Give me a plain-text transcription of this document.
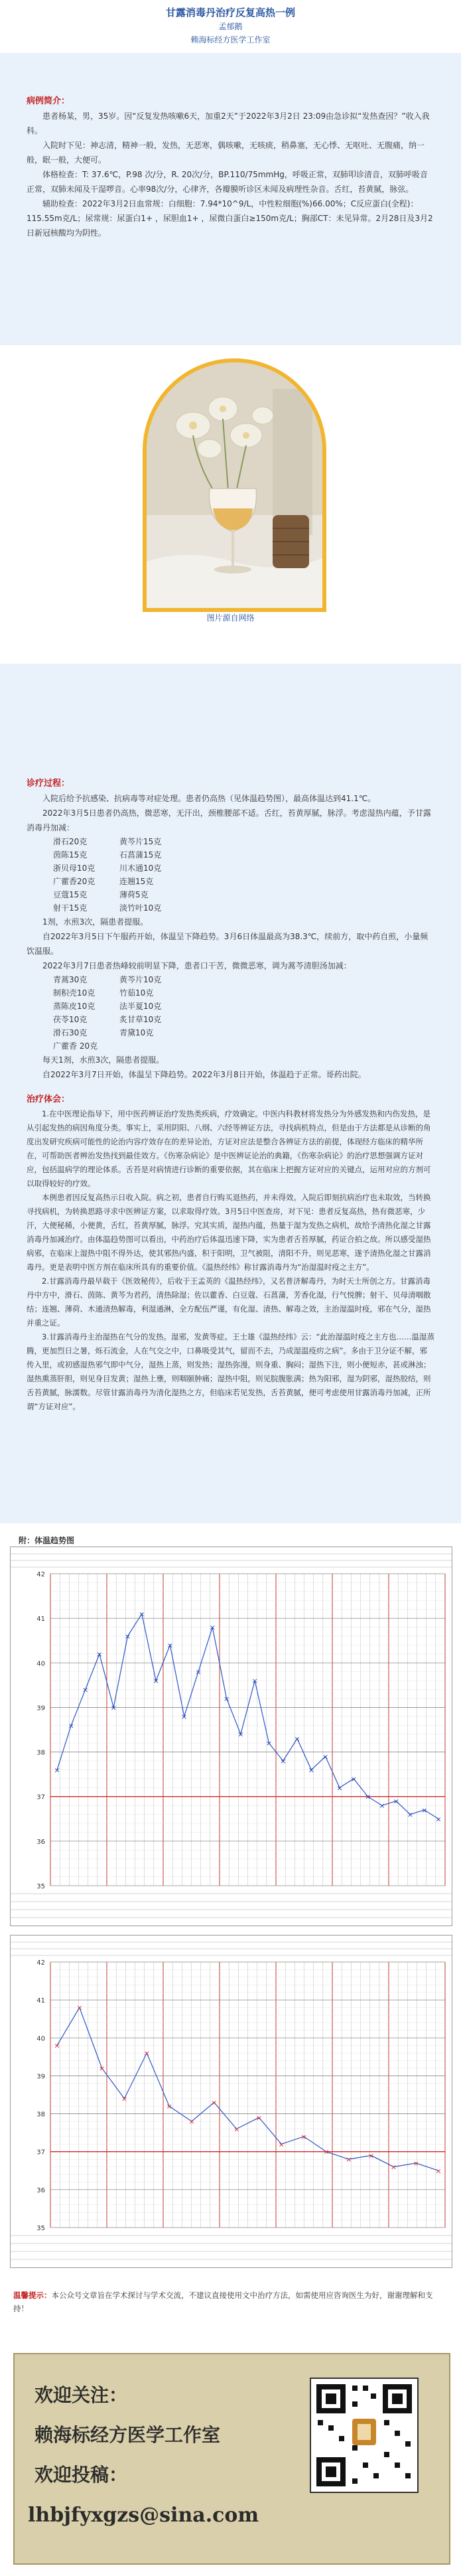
甘露消毒丹治疗反复高热一例
孟郁鹅
赖海标经方医学工作室
病例简介：

患者杨某，男，35岁。因“反复发热咳嗽6天，加重2天”于2022年3月2日 23:09由急诊拟“发热查因？”收入我科。

入院时下见：神志清，精神一般，发热，无恶寒，偶咳嗽，无咳痰，稍鼻塞，无心悸、无呕吐、无腹痛，纳一般，眠一般，大便可。

体格检查：T: 37.6℃，P.98 次/分，R. 20次/分，BP.110/75mmHg，呼吸正常，双肺叩诊清音，双肺呼吸音正常，双肺未闻及干湿啰音。心率98次/分，心律齐，各瓣膜听诊区未闻及病理性杂音。舌红，苔黄腻，脉弦。

辅助检查：2022年3月2日血常规：白细胞：7.94*10^9/L，中性粒细胞(%)66.00%；C反应蛋白(全程)：115.55m克/L；尿常规：尿蛋白1+ ，尿胆血1+ ，尿微白蛋白≥150m克/L；胸部CT：未见异常。2月28日及3月2日新冠核酸均为阴性。

图片源自网络
诊疗过程：

入院后给予抗感染、抗病毒等对症处理。患者仍高热（见体温趋势图），最高体温达到41.1℃。

2022年3月5日患者仍高热，微恶寒，无汗出，颈椎腰部不适。舌红，苔黄厚腻，脉浮。考虑湿热内蕴，予甘露消毒丹加减：

滑石20克	黄芩片15克
茵陈15克	石菖蒲15克
浙贝母10克	川木通10克
广藿香20克	连翘15克
豆蔻15克	薄荷5克
射干15克	淡竹叶10克

1剂，水煎3次，隔患者提服。

自2022年3月5日下午服药开始，体温呈下降趋势。3月6日体温最高为38.3℃，续前方，取中药自煎，小量频饮温服。

2022年3月7日患者热峰较前明显下降，患者口干苦，微微恶寒，调为蒿芩清胆汤加减：

青蒿30克	黄芩片10克
制积壳10克	竹茹10克
蒸陈皮10克	法半夏10克
茯苓10克	炙甘草10克
滑石30克	青黛10克
广藿香 20克

每天1剂，水煎3次，隔患者提服。

自2022年3月7日开始，体温呈下降趋势。2022年3月8日开始，体温趋于正常。哥药出院。

治疗体会：

1.在中医理论指导下，用中医药辨证治疗发热类疾病，疗效确定。中医内科教材将发热分为外感发热和内伤发热，是从引起发热的病因角度分类。事实上，采用阴阳、八纲、六经等辨证方法，寻找病机特点，但是由于方法都是从诊断的角度出发研究疾病可能性的论治内容疗效存在的差异论治，方证对应法是整合各辨证方法的前提，体现经方临床的精华所在，可帮助医者辨治发热找到最佳效方。《伤寒杂病论》是中医辨证论治的典籍，《伤寒杂病论》的治疗思想强调方证对应，包括温病学的理论体系。舌苔是对病情进行诊断的重要依据，其在临床上把握方证对应的关键点，运用对应的方剂可以取得较好的疗效。

本例患者因反复高热示日收入院。病之初，患者自行购买退热药，并未得效。入院后即刻抗病治疗也未取效，当转换寻找病机，为转换思路寻求中医辨证方案，以求取得疗效。3月5日中医查房，对下见：患者反复高热，热有微恶寒，少汗，大便秘稀，小便黄，舌红，苔黄厚腻，脉浮。究其实质，湿热内蕴，热量于湿为发热之病机，故给予清热化湿之甘露消毒丹加减治疗。由体温趋势图可以看出，中药治疗后体温迅速下降，实为患者舌苔厚腻，药证合拍之故。所以感受湿热病邪，在临床上湿热中阻不得外达，使其邪热内盛，积于阳明，卫气被阻，清阳不升，则见恶寒，遂予清热化湿之甘露消毒丹。更是表明中医方剂在临床所具有的重要价值。《温热经纬》称甘露消毒丹为“治湿温时疫之主方”。

2.甘露消毒丹最早载于《医效秘传》，后收于王孟英的《温热经纬》，又名普济解毒丹，为时天士所创之方。甘露消毒丹中方中，滑石、茵陈、黄芩为君药，清热除湿；佐以藿香、白豆蔻、石菖蒲，芳香化湿，行气悦脾；射干、贝母清咽散结；连翘、薄荷、木通清热解毒，利湿通淋，全方配伍严谨，有化湿、清热、解毒之效，主治湿温时疫，邪在气分，湿热并重之证。

3.甘露消毒丹主治湿热在气分的发热。湿邪，发黄等症。王士雄《温热经纬》云：“此治湿温时疫之主方也……温湿蒸腾，更加烈日之暑，烁石流金，人在气交之中，口鼻吸受其气，留而不去，乃成湿温疫疠之病”。多由于卫分证不解，邪传入里，或初感湿热邪气即中气分，湿热上蒸，则发热；湿热弥漫，则身重、胸闷；湿热下注，则小便短赤，甚或淋浊；湿热熏蒸肝胆，则见身目发黄；湿热上壅，则咽颐肿痛；湿热中阻，则见脘腹胀满；热为阳邪，湿为阴邪，湿热胶结，则舌苔黄腻，脉濡数。尽管甘露消毒丹为清化湿热之方，但临床若见发热，舌苔黄腻，便可考虑使用甘露消毒丹加减，正所谓“方证对应”。

附：体温趋势图
42
41
40
39
38
37
36
35
×
×
×
×
×
×
×
×
×
×
×
×
×
×
×
×
×
×
×
×
×
×
×
×
×
×
×
×
42
41
40
39
38
37
36
35
×
×
×
×
×
×
×
×
×
×
×
×
×
× ×
× ×
×

温馨提示：本公众号文章旨在学术探讨与学术交流，不建议直接使用文中治疗方法，如需使用应咨询医生为好，谢谢理解和支持！

欢迎关注：
赖海标经方医学工作室
欢迎投稿：
lhbjfyxgzs@sina.com
